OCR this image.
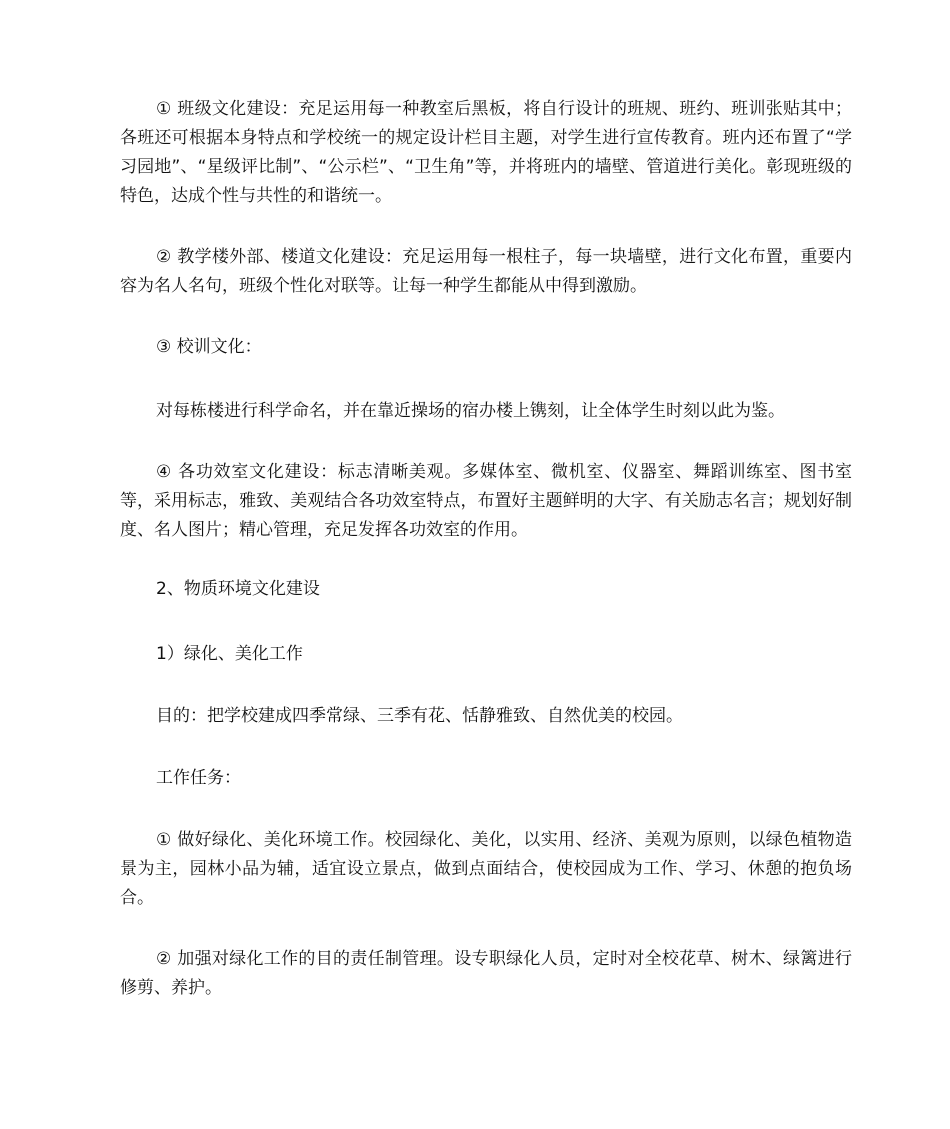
① 班级文化建设：充足运用每一种教室后黑板，将自行设计的班规、班约、班训张贴其中；各班还可根据本身特点和学校统一的规定设计栏目主题，对学生进行宣传教育。班内还布置了“学习园地”、“星级评比制”、“公示栏”、“卫生角”等，并将班内的墙壁、管道进行美化。彰现班级的特色，达成个性与共性的和谐统一。

② 教学楼外部、楼道文化建设：充足运用每一根柱子，每一块墙壁，进行文化布置，重要内容为名人名句，班级个性化对联等。让每一种学生都能从中得到激励。

③ 校训文化：

对每栋楼进行科学命名，并在靠近操场的宿办楼上镌刻，让全体学生时刻以此为鉴。

④ 各功效室文化建设：标志清晰美观。多媒体室、微机室、仪器室、舞蹈训练室、图书室等，采用标志，雅致、美观结合各功效室特点，布置好主题鲜明的大字、有关励志名言；规划好制度、名人图片；精心管理，充足发挥各功效室的作用。

2、物质环境文化建设

1）绿化、美化工作

目的：把学校建成四季常绿、三季有花、恬静雅致、自然优美的校园。

工作任务：

① 做好绿化、美化环境工作。校园绿化、美化，以实用、经济、美观为原则，以绿色植物造景为主，园林小品为辅，适宜设立景点，做到点面结合，使校园成为工作、学习、休憩的抱负场合。

② 加强对绿化工作的目的责任制管理。设专职绿化人员，定时对全校花草、树木、绿篱进行修剪、养护。
